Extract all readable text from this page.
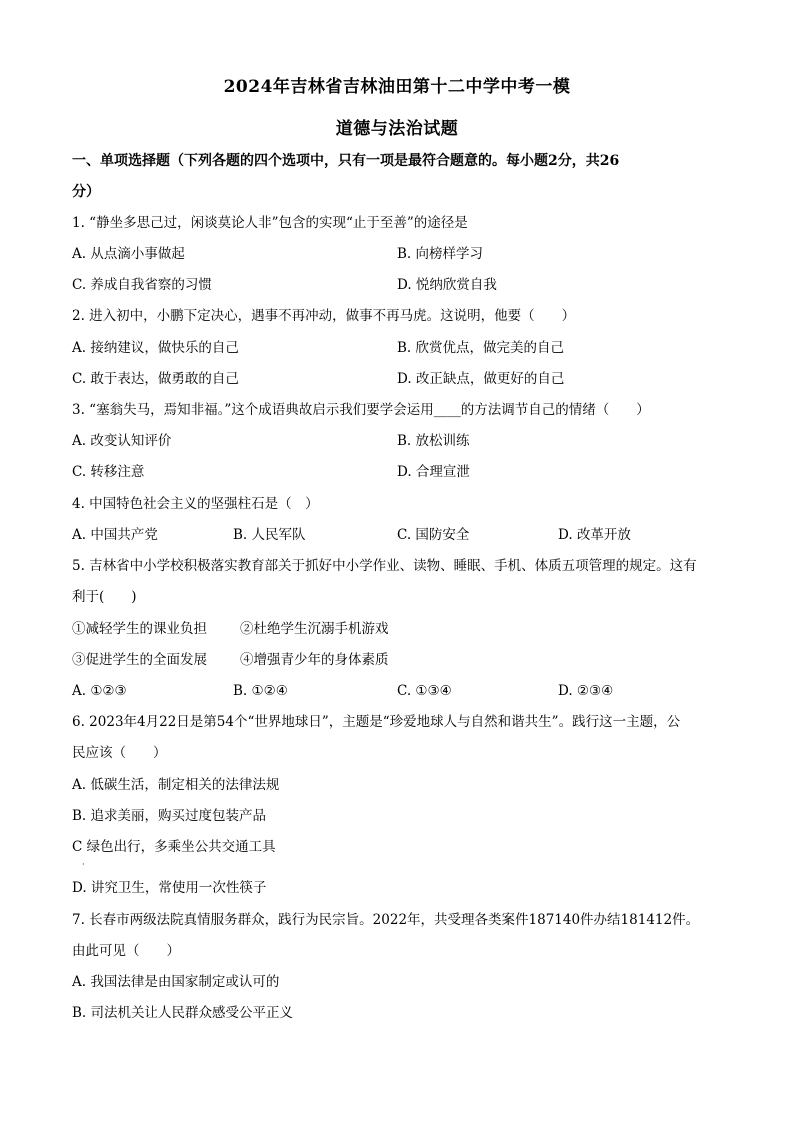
2024年吉林省吉林油田第十二中学中考一模
道德与法治试题
一、单项选择题（下列各题的四个选项中，只有一项是最符合题意的。每小题2分，共26
分）
1. “静坐多思己过，闲谈莫论人非”包含的实现“止于至善”的途径是
A. 从点滴小事做起	B. 向榜样学习
C. 养成自我省察的习惯	D. 悦纳欣赏自我
2. 进入初中，小鹏下定决心，遇事不再冲动，做事不再马虎。这说明，他要（　　）
A. 接纳建议，做快乐的自己	B. 欣赏优点，做完美的自己
C. 敢于表达，做勇敢的自己	D. 改正缺点，做更好的自己
3. “塞翁失马，焉知非福。”这个成语典故启示我们要学会运用____的方法调节自己的情绪（　　）
A. 改变认知评价	B. 放松训练
C. 转移注意	D. 合理宣泄
4. 中国特色社会主义的坚强柱石是（　）
A. 中国共产党	B. 人民军队	C. 国防安全	D. 改革开放
5. 吉林省中小学校积极落实教育部关于抓好中小学作业、读物、睡眠、手机、体质五项管理的规定。这有
利于(　　)
①减轻学生的课业负担 ②杜绝学生沉溺手机游戏
③促进学生的全面发展 ④增强青少年的身体素质
A. ①②③	B. ①②④	C. ①③④	D. ②③④
6. 2023年4月22日是第54个“世界地球日”，主题是“珍爱地球人与自然和谐共生”。践行这一主题，公
民应该（　　）
A. 低碳生活，制定相关的法律法规
B. 追求美丽，购买过度包装产品
C 绿色出行，多乘坐公共交通工具
·
D. 讲究卫生，常使用一次性筷子
7. 长春市两级法院真情服务群众，践行为民宗旨。2022年，共受理各类案件187140件办结181412件。
由此可见（　　）
A. 我国法律是由国家制定或认可的
B. 司法机关让人民群众感受公平正义
